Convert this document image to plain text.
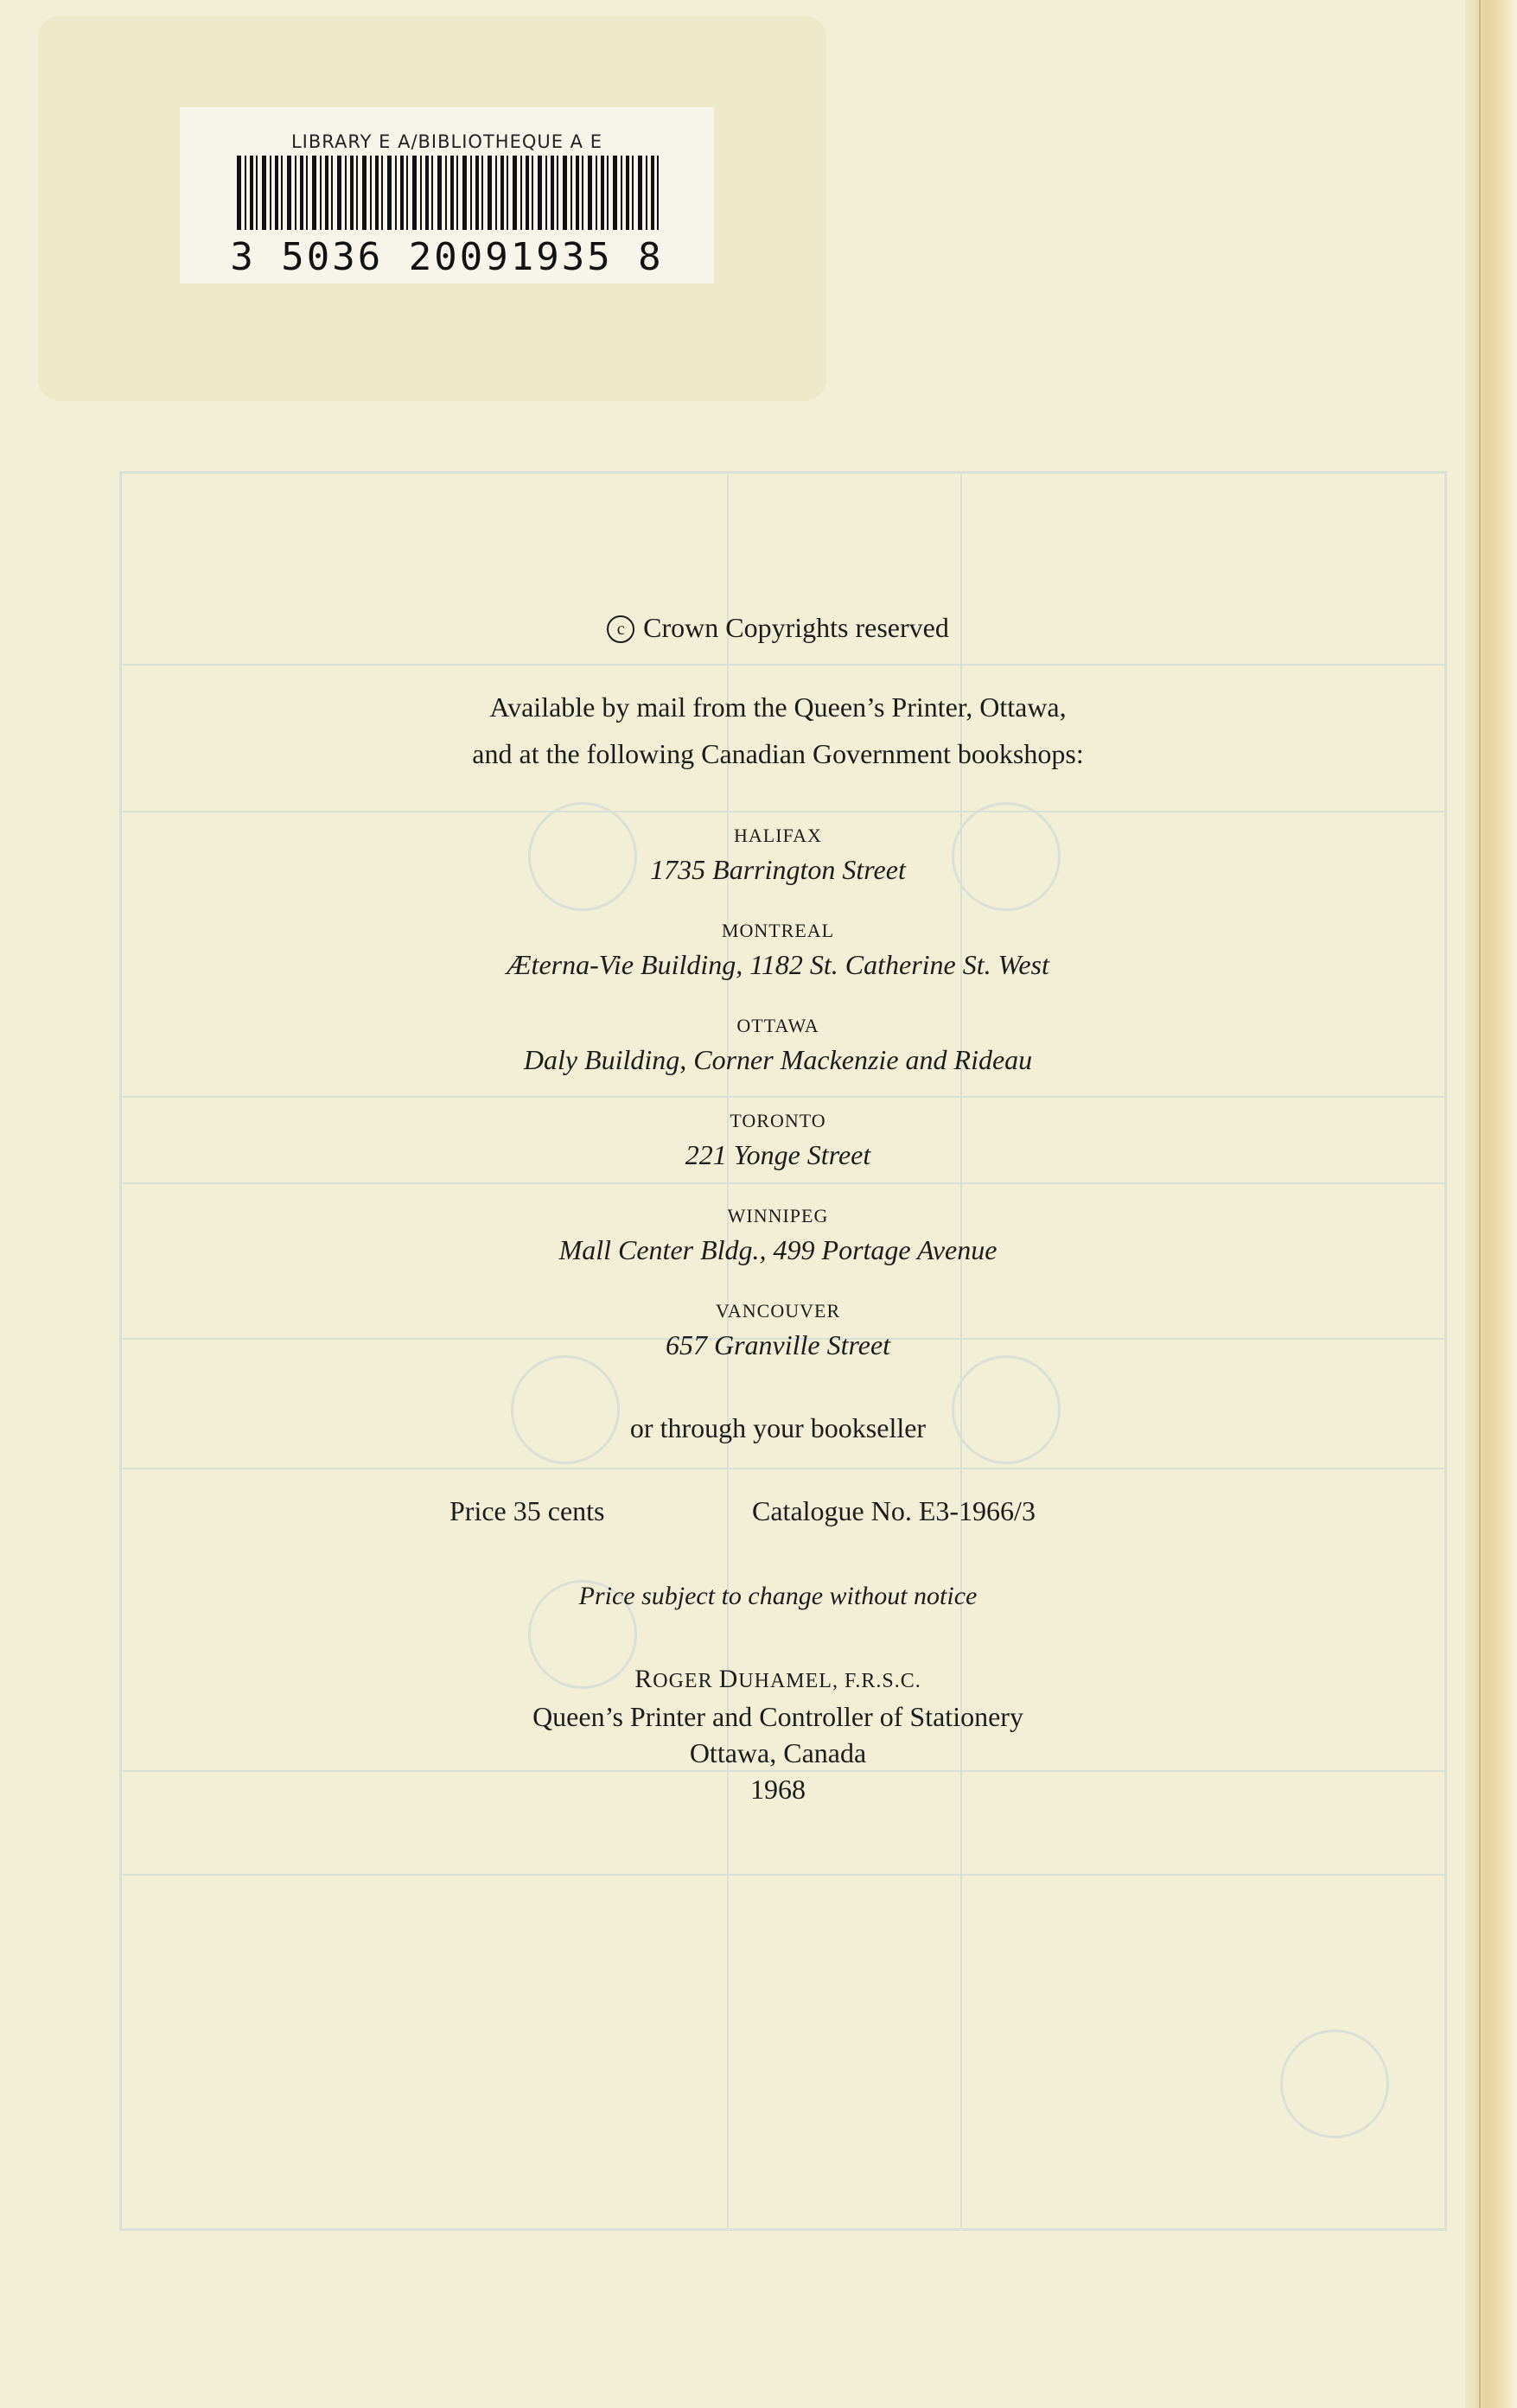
LIBRARY E A/BIBLIOTHEQUE A E
3 5036 20091935 8
c Crown Copyrights reserved
Available by mail from the Queen’s Printer, Ottawa,
and at the following Canadian Government bookshops:
HALIFAX
1735 Barrington Street
MONTREAL
Æterna-Vie Building, 1182 St. Catherine St. West
OTTAWA
Daly Building, Corner Mackenzie and Rideau
TORONTO
221 Yonge Street
WINNIPEG
Mall Center Bldg., 499 Portage Avenue
VANCOUVER
657 Granville Street
or through your bookseller
Price 35 cents	Catalogue No. E3-1966/3
Price subject to change without notice
ROGER DUHAMEL, F.R.S.C.
Queen’s Printer and Controller of Stationery
Ottawa, Canada
1968
